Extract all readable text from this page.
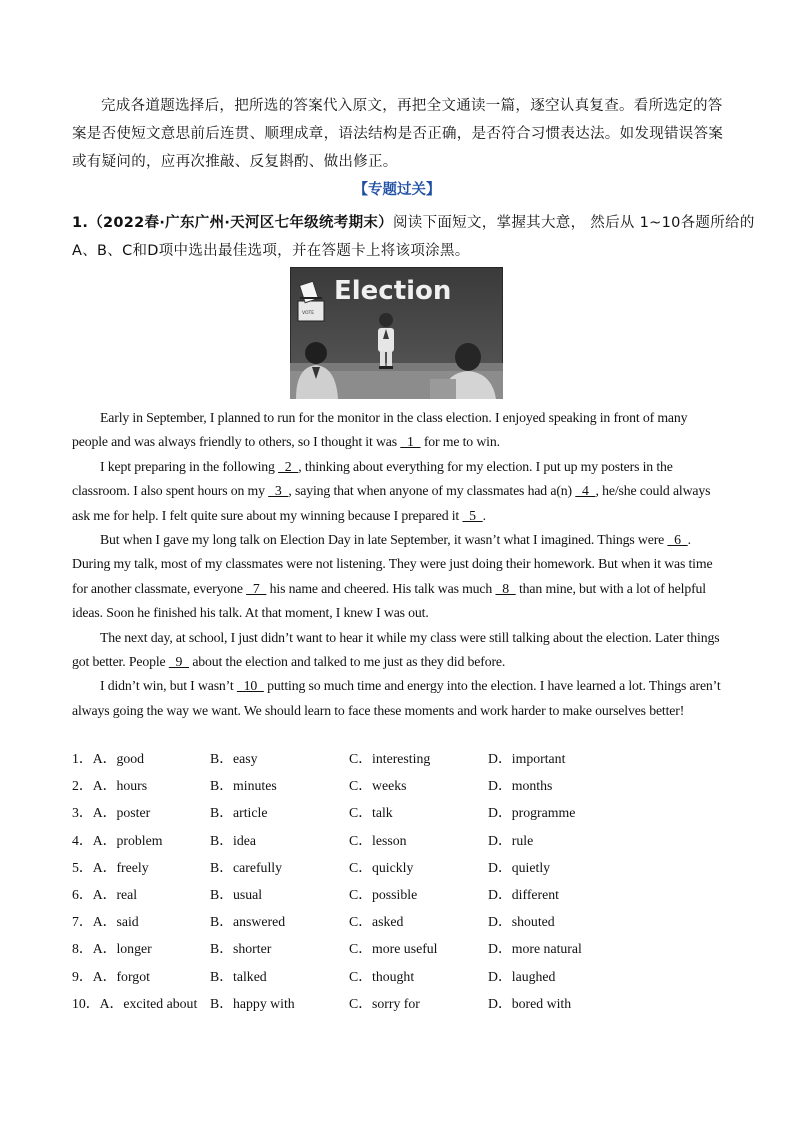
完成各道题选择后，把所选的答案代入原文，再把全文通读一篇，逐空认真复查。看所选定的答案是否使短文意思前后连贯、顺理成章，语法结构是否正确，是否符合习惯表达法。如发现错误答案或有疑问的，应再次推敲、反复斟酌、做出修正。
【专题过关】
1.（2022春·广东广州·天河区七年级统考期末）阅读下面短文，掌握其大意， 然后从 1~10各题所给的A、B、C和D项中选出最佳选项，并在答题卡上将该项涂黑。
VOTE
Election

Early in September, I planned to run for the monitor in the class election. I enjoyed speaking in front of many people and was always friendly to others, so I thought it was  1  for me to win.

I kept preparing in the following  2 , thinking about everything for my election. I put up my posters in the classroom. I also spent hours on my  3 , saying that when anyone of my classmates had a(n)  4 , he/she could always ask me for help. I felt quite sure about my winning because I prepared it  5 .

But when I gave my long talk on Election Day in late September, it wasn’t what I imagined. Things were  6 . During my talk, most of my classmates were not listening. They were just doing their homework. But when it was time for another classmate, everyone  7  his name and cheered. His talk was much  8  than mine, but with a lot of helpful ideas. Soon he finished his talk. At that moment, I knew I was out.

The next day, at school, I just didn’t want to hear it while my class were still talking about the election. Later things got better. People  9  about the election and talked to me just as they did before.

I didn’t win, but I wasn’t  10  putting so much time and energy into the election. I have learned a lot. Things aren’t always going the way we want. We should learn to face these moments and work harder to make ourselves better!

1．A．good	B．easy	C．interesting	D．important
2．A．hours	B．minutes	C．weeks	D．months
3．A．poster	B．article	C．talk	D．programme
4．A．problem	B．idea	C．lesson	D．rule
5．A．freely	B．carefully	C．quickly	D．quietly
6．A．real	B．usual	C．possible	D．different
7．A．said	B．answered	C．asked	D．shouted
8．A．longer	B．shorter	C．more useful	D．more natural
9．A．forgot	B．talked	C．thought	D．laughed
10．A．excited about B．happy with	C．sorry for	D．bored with
